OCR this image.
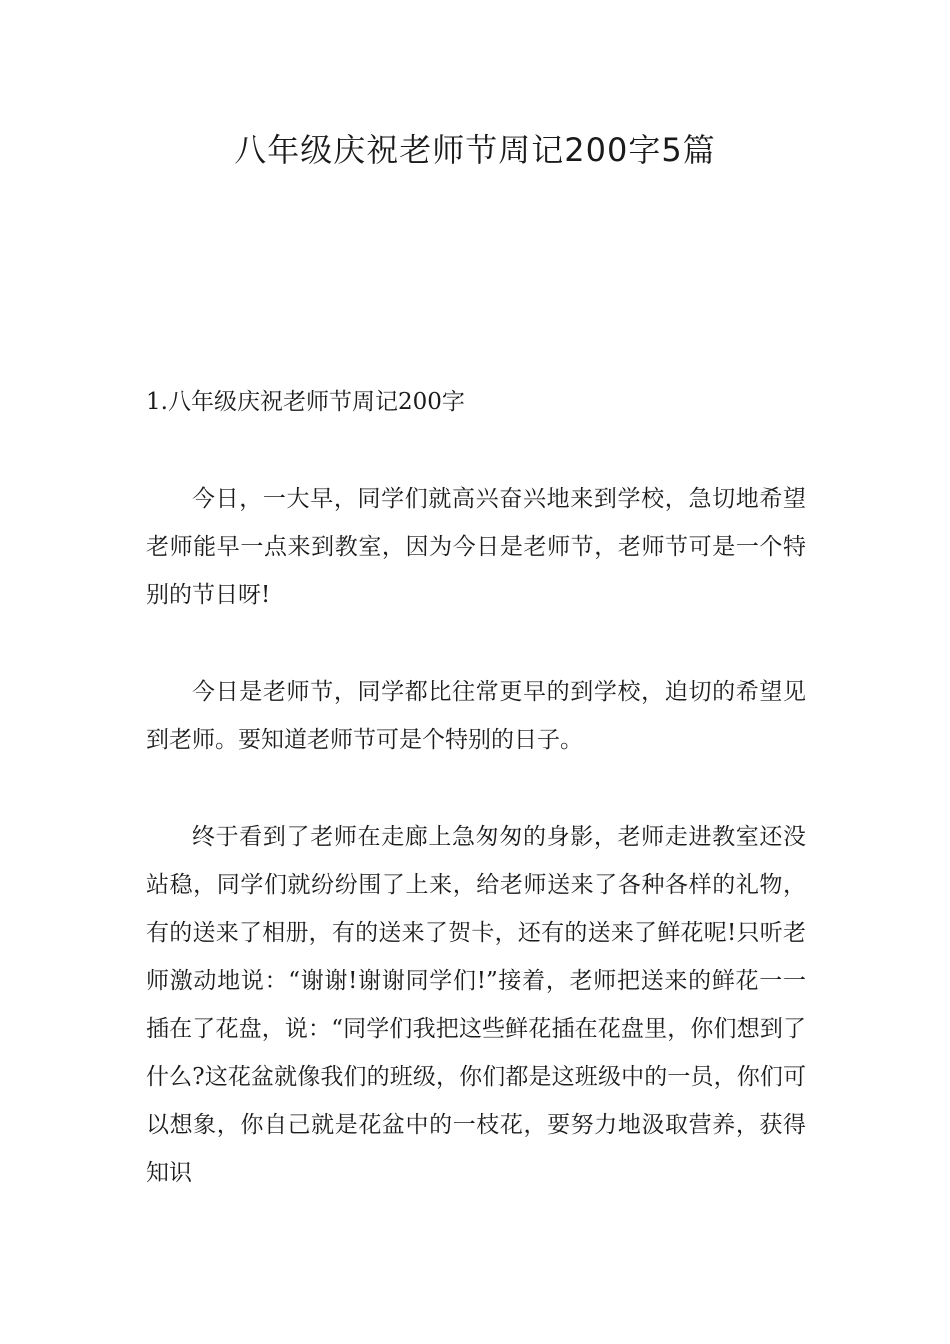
八年级庆祝老师节周记200字5篇
1.八年级庆祝老师节周记200字

今日，一大早，同学们就高兴奋兴地来到学校，急切地希望老师能早一点来到教室，因为今日是老师节，老师节可是一个特别的节日呀!

今日是老师节，同学都比往常更早的到学校，迫切的希望见到老师。要知道老师节可是个特别的日子。

终于看到了老师在走廊上急匆匆的身影，老师走进教室还没站稳，同学们就纷纷围了上来，给老师送来了各种各样的礼物，有的送来了相册，有的送来了贺卡，还有的送来了鲜花呢!只听老师激动地说：“谢谢!谢谢同学们!”接着，老师把送来的鲜花一一插在了花盘，说：“同学们我把这些鲜花插在花盘里，你们想到了什么?这花盆就像我们的班级，你们都是这班级中的一员，你们可以想象，你自己就是花盆中的一枝花，要努力地汲取营养，获得知识
